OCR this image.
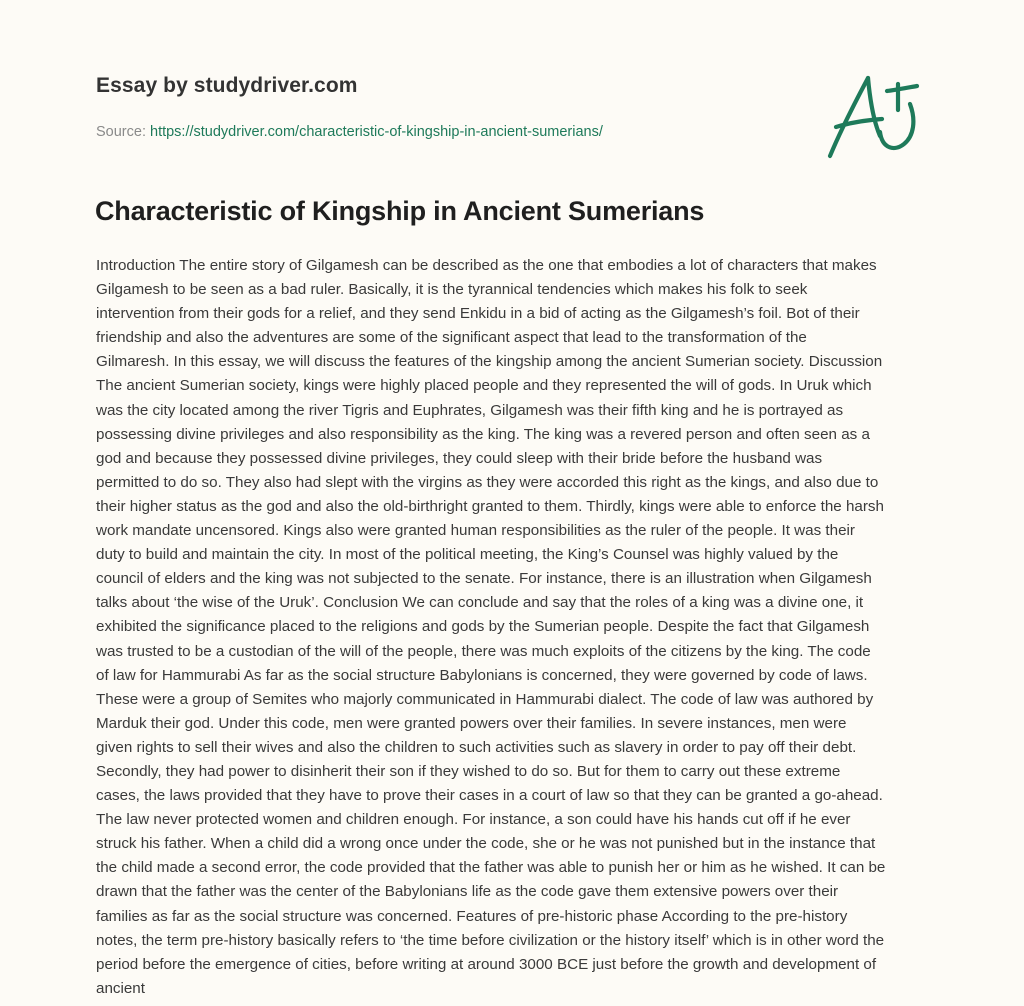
Essay by studydriver.com
Source: https://studydriver.com/characteristic-of-kingship-in-ancient-sumerians/
Characteristic of Kingship in Ancient Sumerians

Introduction The entire story of Gilgamesh can be described as the one that embodies a lot of characters that makes
Gilgamesh to be seen as a bad ruler. Basically, it is the tyrannical tendencies which makes his folk to seek
intervention from their gods for a relief, and they send Enkidu in a bid of acting as the Gilgamesh’s foil. Bot of their
friendship and also the adventures are some of the significant aspect that lead to the transformation of the
Gilmaresh. In this essay, we will discuss the features of the kingship among the ancient Sumerian society. Discussion
The ancient Sumerian society, kings were highly placed people and they represented the will of gods. In Uruk which
was the city located among the river Tigris and Euphrates, Gilgamesh was their fifth king and he is portrayed as
possessing divine privileges and also responsibility as the king. The king was a revered person and often seen as a
god and because they possessed divine privileges, they could sleep with their bride before the husband was
permitted to do so. They also had slept with the virgins as they were accorded this right as the kings, and also due to
their higher status as the god and also the old-birthright granted to them. Thirdly, kings were able to enforce the harsh
work mandate uncensored. Kings also were granted human responsibilities as the ruler of the people. It was their
duty to build and maintain the city. In most of the political meeting, the King’s Counsel was highly valued by the
council of elders and the king was not subjected to the senate. For instance, there is an illustration when Gilgamesh
talks about ‘the wise of the Uruk’. Conclusion We can conclude and say that the roles of a king was a divine one, it
exhibited the significance placed to the religions and gods by the Sumerian people. Despite the fact that Gilgamesh
was trusted to be a custodian of the will of the people, there was much exploits of the citizens by the king. The code
of law for Hammurabi As far as the social structure Babylonians is concerned, they were governed by code of laws.
These were a group of Semites who majorly communicated in Hammurabi dialect. The code of law was authored by
Marduk their god. Under this code, men were granted powers over their families. In severe instances, men were
given rights to sell their wives and also the children to such activities such as slavery in order to pay off their debt.
Secondly, they had power to disinherit their son if they wished to do so. But for them to carry out these extreme
cases, the laws provided that they have to prove their cases in a court of law so that they can be granted a go-ahead.
The law never protected women and children enough. For instance, a son could have his hands cut off if he ever
struck his father. When a child did a wrong once under the code, she or he was not punished but in the instance that
the child made a second error, the code provided that the father was able to punish her or him as he wished. It can be
drawn that the father was the center of the Babylonians life as the code gave them extensive powers over their
families as far as the social structure was concerned. Features of pre-historic phase According to the pre-history
notes, the term pre-history basically refers to ‘the time before civilization or the history itself’ which is in other word the
period before the emergence of cities, before writing at around 3000 BCE just before the growth and development of
ancient
